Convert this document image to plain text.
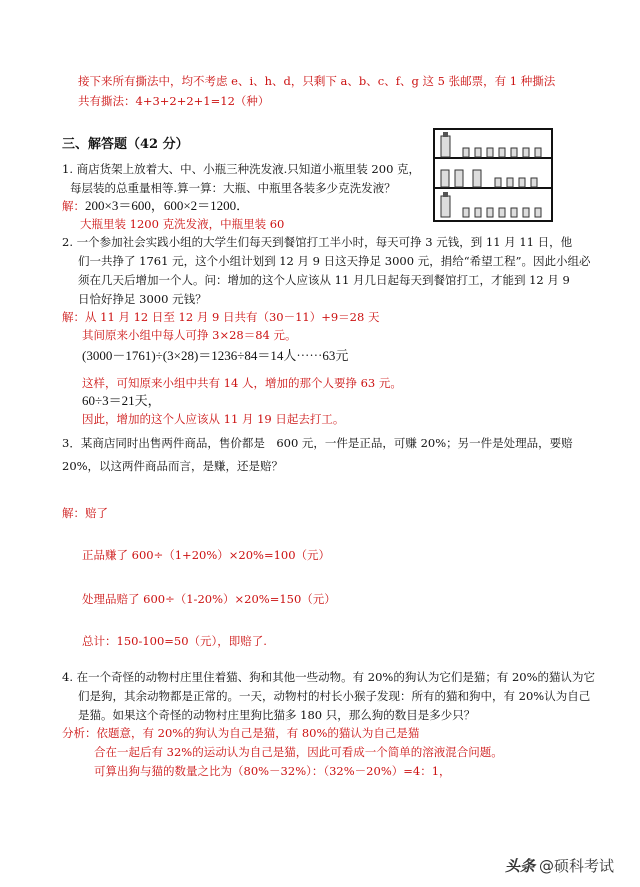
接下来所有撕法中，均不考虑 e、i、h、d，只剩下 a、b、c、f、g 这 5 张邮票，有 1 种撕法
共有撕法：4+3+2+2+1=12（种）
三、解答题（42 分）
1. 商店货架上放着大、中、小瓶三种洗发液.只知道小瓶里装 200 克，
每层装的总重量相等.算一算：大瓶、中瓶里各装多少克洗发液？
解：200×3＝600，600×2＝1200．
大瓶里装 1200 克洗发液，中瓶里装 60
2. 一个参加社会实践小组的大学生们每天到餐馆打工半小时，每天可挣 3 元钱，到 11 月 11 日，他
们一共挣了 1761 元，这个小组计划到 12 月 9 日这天挣足 3000 元，捐给“希望工程”。因此小组必
须在几天后增加一个人。问：增加的这个人应该从 11 月几日起每天到餐馆打工，才能到 12 月 9
日恰好挣足 3000 元钱？
解：从 11 月 12 日至 12 月 9 日共有（30－11）+9＝28 天
其间原来小组中每人可挣 3×28＝84 元。
(3000－1761)÷(3×28)＝1236÷84＝14人⋯⋯63元
这样，可知原来小组中共有 14 人，增加的那个人要挣 63 元。
60÷3＝21天，
因此，增加的这个人应该从 11 月 19 日起去打工。
3．某商店同时出售两件商品，售价都是　600 元，一件是正品，可赚 20%；另一件是处理品，要赔
20%，以这两件商品而言，是赚，还是赔？
解：赔了
正品赚了 600÷（1+20%）×20%=100（元）
处理品赔了 600÷（1-20%）×20%=150（元）
总计：150-100=50（元），即赔了.
4. 在一个奇怪的动物村庄里住着猫、狗和其他一些动物。有 20%的狗认为它们是猫；有 20%的猫认为它
们是狗，其余动物都是正常的。一天，动物村的村长小猴子发现：所有的猫和狗中，有 20%认为自己
是猫。如果这个奇怪的动物村庄里狗比猫多 180 只，那么狗的数目是多少只？
分析：依题意，有 20%的狗认为自己是猫，有 80%的猫认为自己是猫
合在一起后有 32%的运动认为自己是猫，因此可看成一个简单的溶液混合问题。
可算出狗与猫的数量之比为（80%－32%）：（32%－20%）=4：1，
头条 @硕科考试
